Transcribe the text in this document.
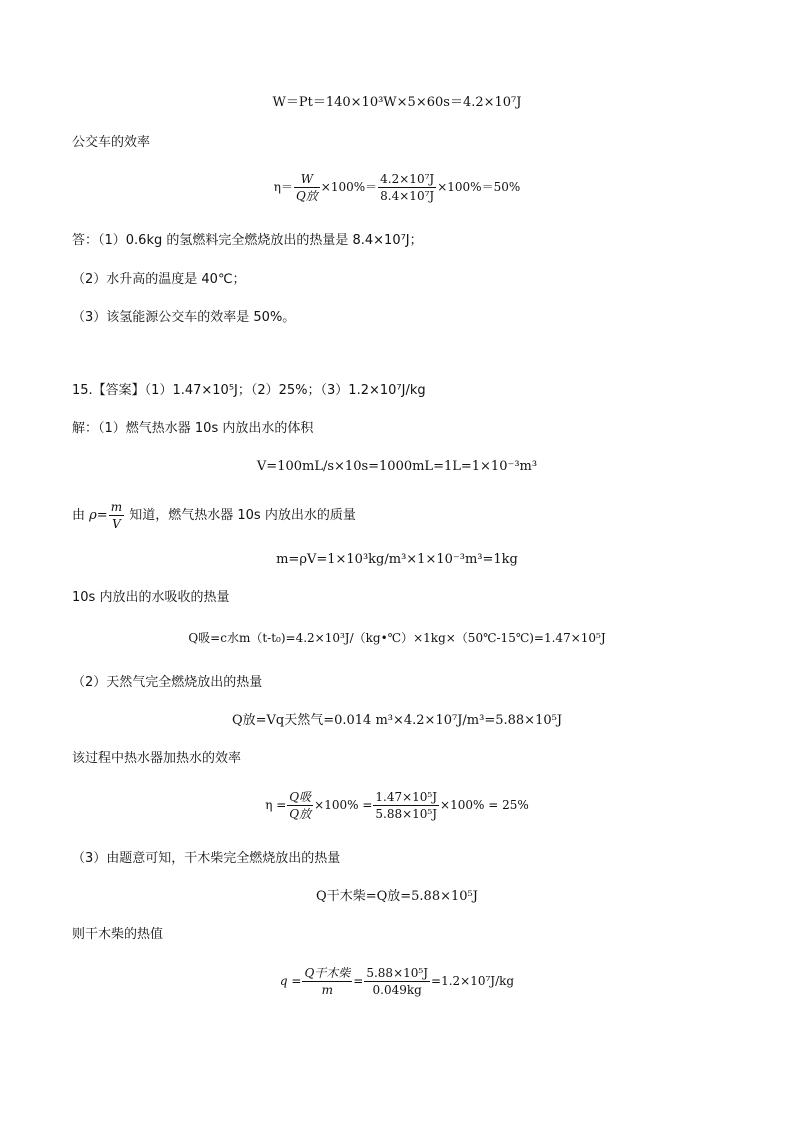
W＝Pt＝140×10³W×5×60s＝4.2×10⁷J
公交车的效率
$\eta= \frac{W}{\text{Q放}} \times 100\%= \frac{\text{4.2×10⁷J}}{\text{8.4×10⁷J}} \times 100\%=50\%$
答：（1）0.6kg 的氢燃料完全燃烧放出的热量是 8.4×10⁷J；
（2）水升高的温度是 40℃；
（3）该氢能源公交车的效率是 50%。
15.【答案】（1）1.47×10⁵J；（2）25%；（3）1.2×10⁷J/kg
解：（1）燃气热水器 10s 内放出水的体积
V=100mL/s×10s=1000mL=1L=1×10⁻³m³
由 $\rho= \frac{m}{V}$ 知道，燃气热水器 10s 内放出水的质量
m=ρV=1×10³kg/m³×1×10⁻³m³=1kg
10s 内放出的水吸收的热量
Q吸=c水m（t-t₀)=4.2×10³J/（kg•℃）×1kg×（50℃-15℃)=1.47×10⁵J
（2）天然气完全燃烧放出的热量
Q放=Vq天然气=0.014 m³×4.2×10⁷J/m³=5.88×10⁵J
该过程中热水器加热水的效率
$\eta = \frac{\text{Q吸}}{\text{Q放}} \times 100\% = \frac{\text{1.47×10⁵J}}{\text{5.88×10⁵J}} \times 100\% = 25\%$
（3）由题意可知，干木柴完全燃烧放出的热量
Q干木柴=Q放=5.88×10⁵J
则干木柴的热值
$q = \frac{\text{Q干木柴}}{m} = \frac{\text{5.88×10⁵J}}{0.049kg} =1.2\times 10^7J/kg$
